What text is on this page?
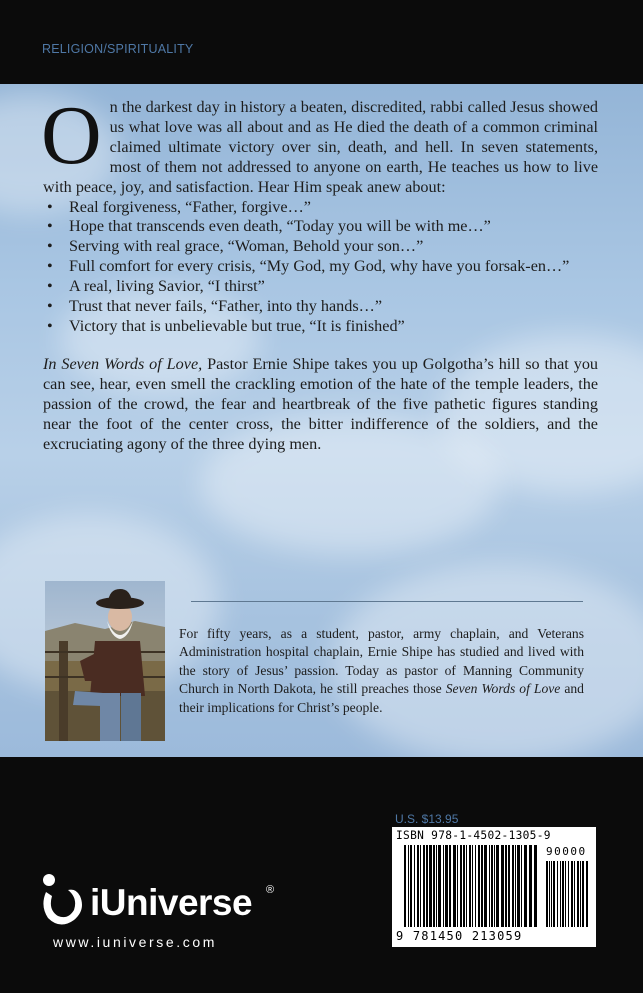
RELIGION/SPIRITUALITY

On the darkest day in history a beaten, discredited, rabbi called Jesus showed us what love was all about and as He died the death of a common criminal claimed ultimate victory over sin, death, and hell. In seven statements, most of them not addressed to anyone on earth, He teaches us how to live with peace, joy, and satisfaction. Hear Him speak anew about:

• Real forgiveness, “Father, forgive…”
• Hope that transcends even death, “Today you will be with me…”
• Serving with real grace, “Woman, Behold your son…”
• Full comfort for every crisis, “My God, my God, why have you forsak-en…”
• A real, living Savior, “I thirst”
• Trust that never fails, “Father, into thy hands…”
• Victory that is unbelievable but true, “It is finished”

In Seven Words of Love, Pastor Ernie Shipe takes you up Golgotha’s hill so that you can see, hear, even smell the crackling emotion of the hate of the temple leaders, the passion of the crowd, the fear and heartbreak of the five pathetic figures standing near the foot of the center cross, the bitter indifference of the soldiers, and the excruciating agony of the three dying men.

For fifty years, as a student, pastor, army chaplain, and Veterans Administration hospital chaplain, Ernie Shipe has studied and lived with the story of Jesus’ passion. Today as pastor of Manning Community Church in North Dakota, he still preaches those Seven Words of Love and their implications for Christ’s people.

iUniverse ®
www.iuniverse.com
U.S. $13.95
ISBN 978-1-4502-1305-9
90000
9 781450 213059
